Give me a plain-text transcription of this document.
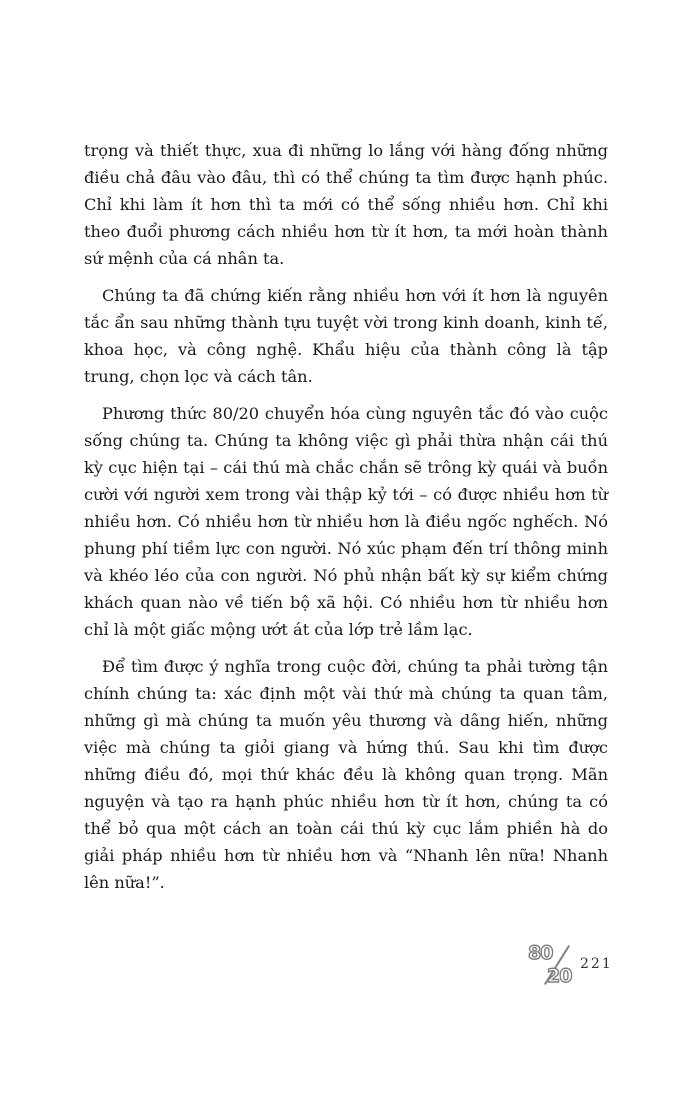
trọng và thiết thực, xua đi những lo lắng với hàng đống những điều chả đâu vào đâu, thì có thể chúng ta tìm được hạnh phúc. Chỉ khi làm ít hơn thì ta mới có thể sống nhiều hơn. Chỉ khi theo đuổi phương cách nhiều hơn từ ít hơn, ta mới hoàn thành sứ mệnh của cá nhân ta.

Chúng ta đã chứng kiến rằng nhiều hơn với ít hơn là nguyên tắc ẩn sau những thành tựu tuyệt vời trong kinh doanh, kinh tế, khoa học, và công nghệ. Khẩu hiệu của thành công là tập trung, chọn lọc và cách tân.

Phương thức 80/20 chuyển hóa cùng nguyên tắc đó vào cuộc sống chúng ta. Chúng ta không việc gì phải thừa nhận cái thú kỳ cục hiện tại – cái thú mà chắc chắn sẽ trông kỳ quái và buồn cười với người xem trong vài thập kỷ tới – có được nhiều hơn từ nhiều hơn. Có nhiều hơn từ nhiều hơn là điều ngốc nghếch. Nó phung phí tiềm lực con người. Nó xúc phạm đến trí thông minh và khéo léo của con người. Nó phủ nhận bất kỳ sự kiểm chứng khách quan nào về tiến bộ xã hội. Có nhiều hơn từ nhiều hơn chỉ là một giấc mộng ướt át của lớp trẻ lầm lạc.

Để tìm được ý nghĩa trong cuộc đời, chúng ta phải tường tận chính chúng ta: xác định một vài thứ mà chúng ta quan tâm, những gì mà chúng ta muốn yêu thương và dâng hiến, những việc mà chúng ta giỏi giang và hứng thú. Sau khi tìm được những điều đó, mọi thứ khác đều là không quan trọng. Mãn nguyện và tạo ra hạnh phúc nhiều hơn từ ít hơn, chúng ta có thể bỏ qua một cách an toàn cái thú kỳ cục lắm phiền hà do giải pháp nhiều hơn từ nhiều hơn và “Nhanh lên nữa! Nhanh lên nữa!”.

80
20
221
